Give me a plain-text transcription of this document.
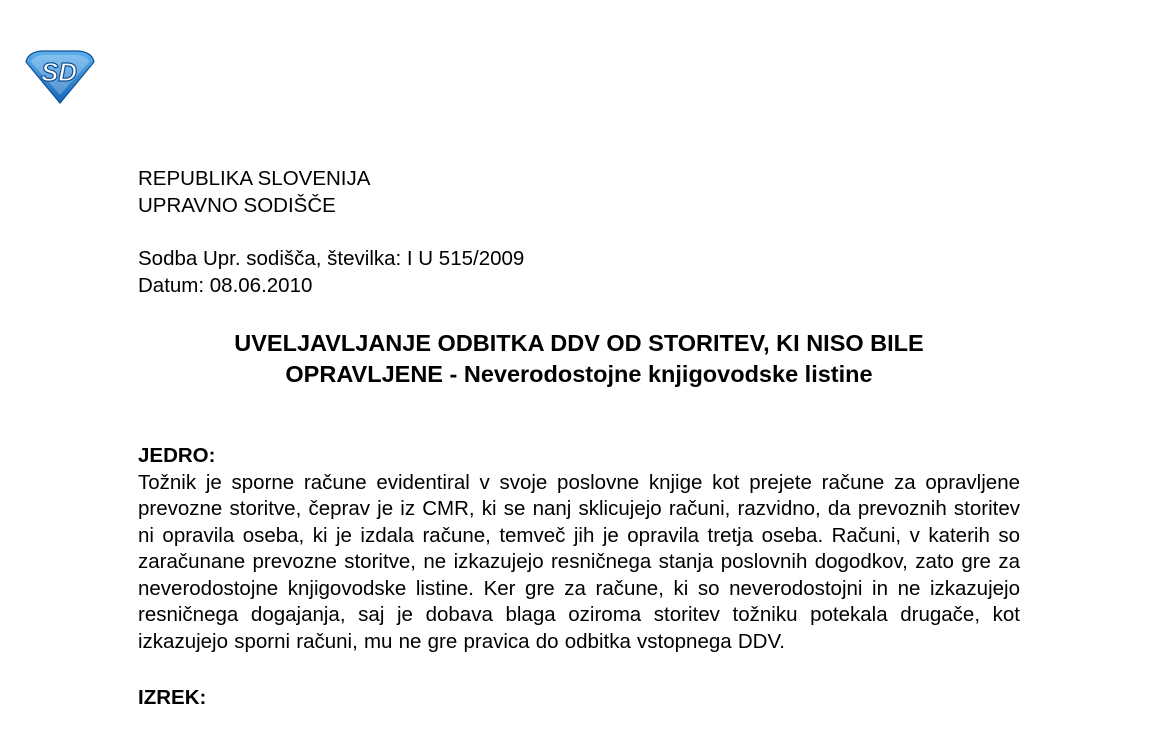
SD
REPUBLIKA SLOVENIJA
UPRAVNO SODIŠČE
Sodba Upr. sodišča, številka: I U 515/2009
Datum: 08.06.2010
UVELJAVLJANJE ODBITKA DDV OD STORITEV, KI NISO BILE
OPRAVLJENE - Neverodostojne knjigovodske listine
JEDRO:
Tožnik je sporne račune evidentiral v svoje poslovne knjige kot prejete račune za opravljene prevozne storitve, čeprav je iz CMR, ki se nanj sklicujejo računi, razvidno, da prevoznih storitev ni opravila oseba, ki je izdala račune, temveč jih je opravila tretja oseba. Računi, v katerih so zaračunane prevozne storitve, ne izkazujejo resničnega stanja poslovnih dogodkov, zato gre za neverodostojne knjigovodske listine. Ker gre za račune, ki so neverodostojni in ne izkazujejo resničnega dogajanja, saj je dobava blaga oziroma storitev tožniku potekala drugače, kot izkazujejo sporni računi, mu ne gre pravica do odbitka vstopnega DDV.
IZREK:
